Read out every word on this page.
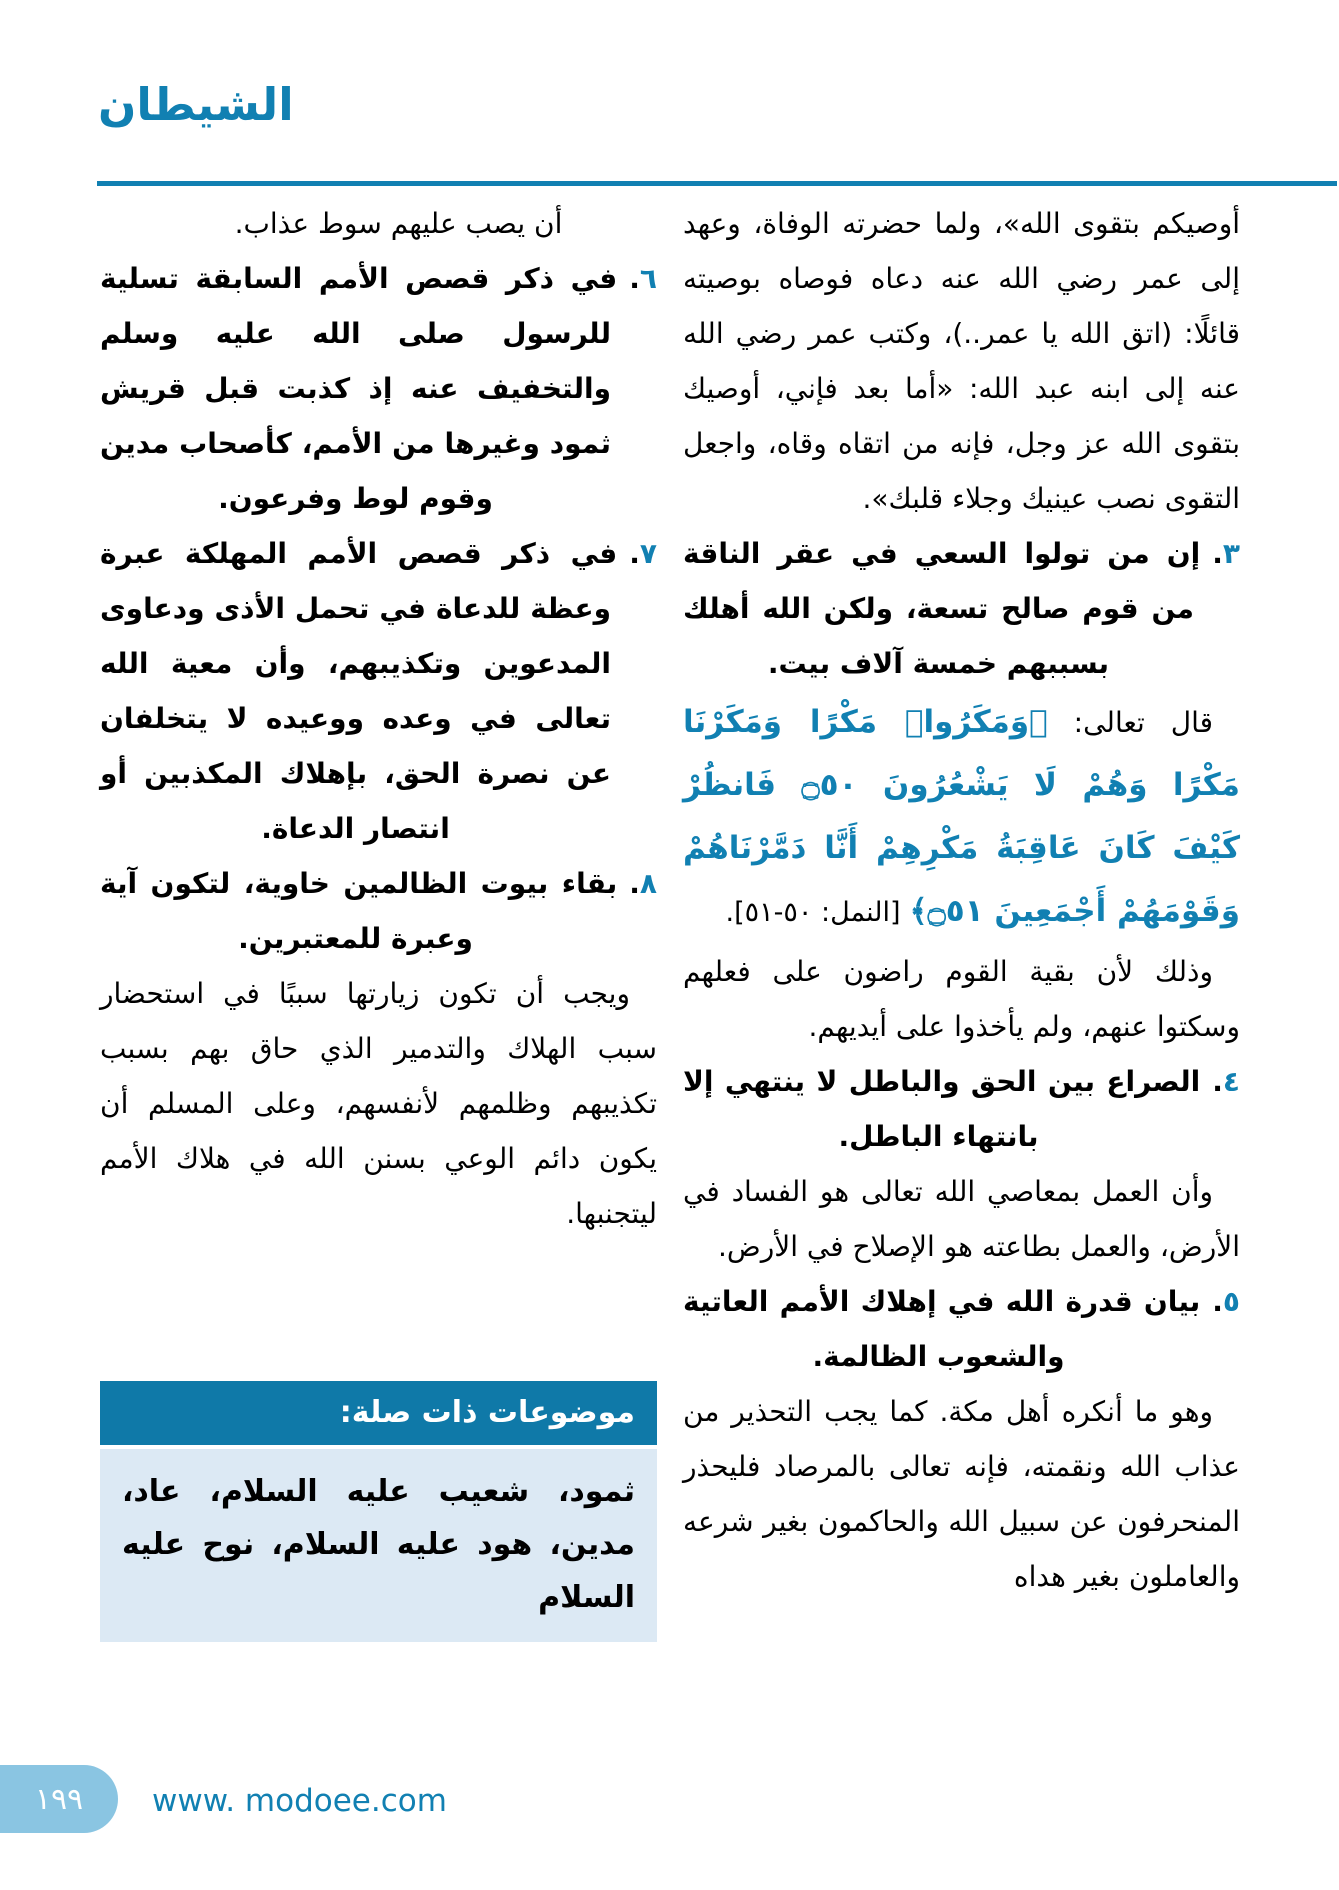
الشيطان

أوصيكم بتقوى الله»، ولما حضرته الوفاة، وعهد إلى عمر رضي الله عنه دعاه فوصاه بوصيته قائلًا: (اتق الله يا عمر..)، وكتب عمر رضي الله عنه إلى ابنه عبد الله: «أما بعد فإني، أوصيك بتقوى الله عز وجل، فإنه من اتقاه وقاه، واجعل التقوى نصب عينيك وجلاء قلبك».

٣.إن من تولوا السعي في عقر الناقة من قوم صالح تسعة، ولكن الله أهلك بسببهم خمسة آلاف بيت.

قال تعالى: ﴿وَمَكَرُوا۟ مَكْرًا وَمَكَرْنَا مَكْرًا وَهُمْ لَا يَشْعُرُونَ ۝٥٠ فَانظُرْ كَيْفَ كَانَ عَاقِبَةُ مَكْرِهِمْ أَنَّا دَمَّرْنَاهُمْ وَقَوْمَهُمْ أَجْمَعِينَ ۝٥١﴾ [النمل: ٥٠-٥١].

وذلك لأن بقية القوم راضون على فعلهم وسكتوا عنهم، ولم يأخذوا على أيديهم.

٤.الصراع بين الحق والباطل لا ينتهي إلا بانتهاء الباطل.

وأن العمل بمعاصي الله تعالى هو الفساد في الأرض، والعمل بطاعته هو الإصلاح في الأرض.

٥.بيان قدرة الله في إهلاك الأمم العاتية والشعوب الظالمة.

وهو ما أنكره أهل مكة. كما يجب التحذير من عذاب الله ونقمته، فإنه تعالى بالمرصاد فليحذر المنحرفون عن سبيل الله والحاكمون بغير شرعه والعاملون بغير هداه

أن يصب عليهم سوط عذاب.

٦.في ذكر قصص الأمم السابقة تسلية للرسول صلى الله عليه وسلم والتخفيف عنه إذ كذبت قبل قريش ثمود وغيرها من الأمم، كأصحاب مدين وقوم لوط وفرعون.

٧.في ذكر قصص الأمم المهلكة عبرة وعظة للدعاة في تحمل الأذى ودعاوى المدعوين وتكذيبهم، وأن معية الله تعالى في وعده ووعيده لا يتخلفان عن نصرة الحق، بإهلاك المكذبين أو انتصار الدعاة.

٨.بقاء بيوت الظالمين خاوية، لتكون آية وعبرة للمعتبرين.

ويجب أن تكون زيارتها سببًا في استحضار سبب الهلاك والتدمير الذي حاق بهم بسبب تكذيبهم وظلمهم لأنفسهم، وعلى المسلم أن يكون دائم الوعي بسنن الله في هلاك الأمم ليتجنبها.

موضوعات ذات صلة:
ثمود، شعيب عليه السلام، عاد، مدين، هود عليه السلام، نوح عليه السلام
١٩٩ www. modoee.com
